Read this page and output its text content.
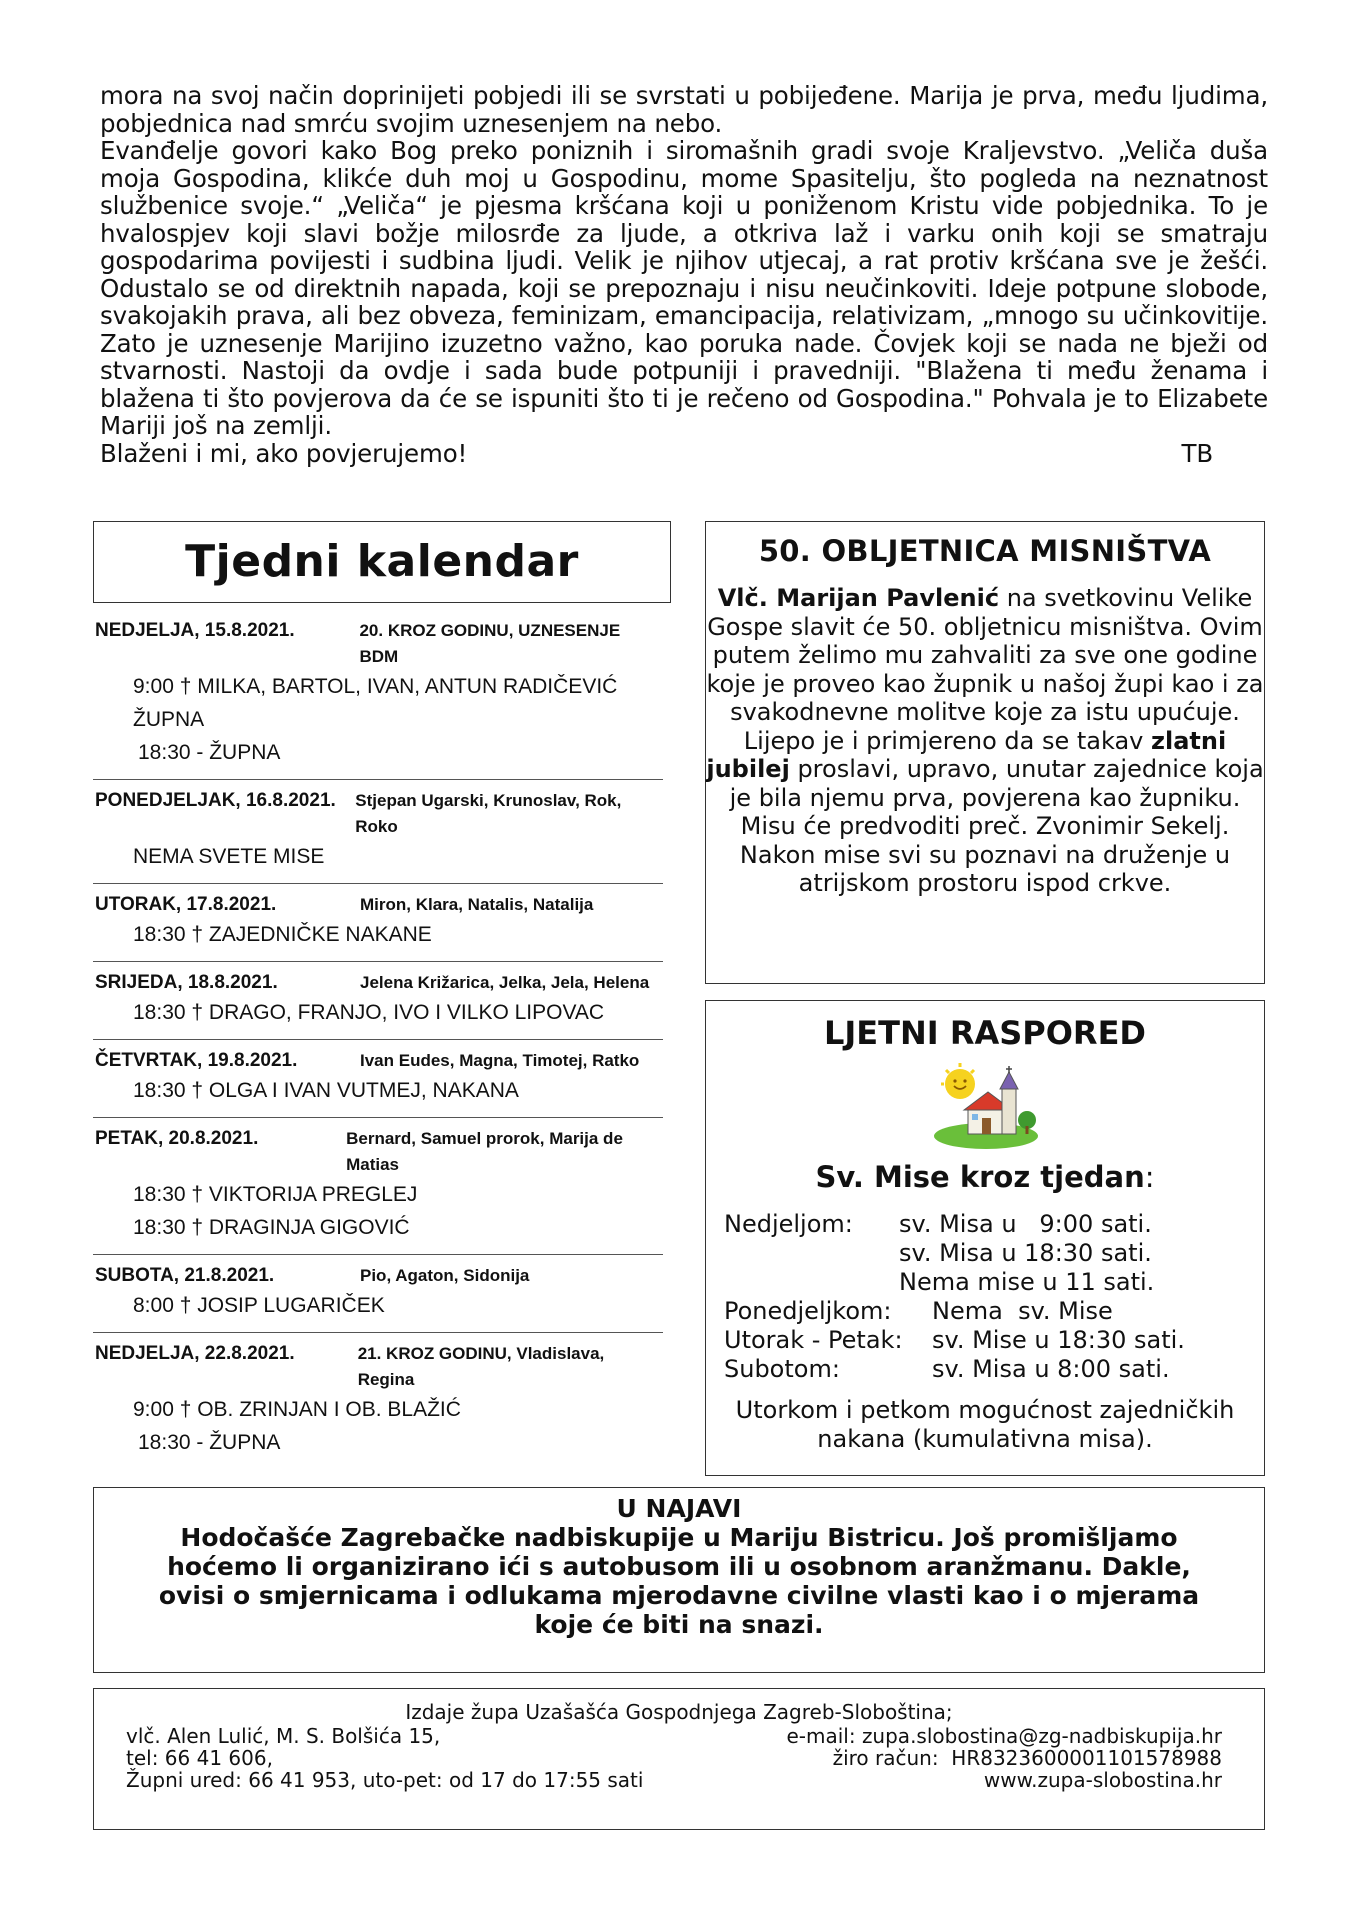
mora na svoj način doprinijeti pobjedi ili se svrstati u pobijeđene. Marija je prva, među ljudima, pobjednica nad smrću svojim uznesenjem na nebo.

Evanđelje govori kako Bog preko poniznih i siromašnih gradi svoje Kraljevstvo. „Veliča duša moja Gospodina, klikće duh moj u Gospodinu, mome Spasitelju, što pogleda na neznatnost službenice svoje.“ „Veliča“ je pjesma kršćana koji u poniženom Kristu vide pobjednika. To je hvalospjev koji slavi božje milosrđe za ljude, a otkriva laž i varku onih koji se smatraju gospodarima povijesti i sudbina ljudi. Velik je njihov utjecaj, a rat protiv kršćana sve je žešći. Odustalo se od direktnih napada, koji se prepoznaju i nisu neučinkoviti. Ideje potpune slobode, svakojakih prava, ali bez obveza, feminizam, emancipacija, relativizam, „mnogo su učinkovitije. Zato je uznesenje Marijino izuzetno važno, kao poruka nade. Čovjek koji se nada ne bježi od stvarnosti. Nastoji da ovdje i sada bude potpuniji i pravedniji. "Blažena ti među ženama i blažena ti što povjerova da će se ispuniti što ti je rečeno od Gospodina." Pohvala je to Elizabete Mariji još na zemlji.

Blaženi i mi, ako povjerujemo!	TB
Tjedni kalendar
NEDJELJA, 15.8.2021.	20. KROZ GODINU, UZNESENJE BDM
9:00 † MILKA, BARTOL, IVAN, ANTUN RADIČEVIĆ ŽUPNA
18:30 - ŽUPNA
PONEDJELJAK, 16.8.2021.	Stjepan Ugarski, Krunoslav, Rok, Roko
NEMA SVETE MISE
UTORAK, 17.8.2021.	Miron, Klara, Natalis, Natalija
18:30 † ZAJEDNIČKE NAKANE
SRIJEDA, 18.8.2021.	Jelena Križarica, Jelka, Jela, Helena
18:30 † DRAGO, FRANJO, IVO I VILKO LIPOVAC
ČETVRTAK, 19.8.2021.	Ivan Eudes, Magna, Timotej, Ratko
18:30 † OLGA I IVAN VUTMEJ, NAKANA
PETAK, 20.8.2021.	Bernard, Samuel prorok, Marija de Matias
18:30 † VIKTORIJA PREGLEJ
18:30 † DRAGINJA GIGOVIĆ
SUBOTA, 21.8.2021.	Pio, Agaton, Sidonija
8:00 † JOSIP LUGARIČEK
NEDJELJA, 22.8.2021.	21. KROZ GODINU, Vladislava, Regina
9:00 † OB. ZRINJAN I OB. BLAŽIĆ
18:30 - ŽUPNA
50. OBLJETNICA MISNIŠTVA
Vlč. Marijan Pavlenić na svetkovinu Velike Gospe slavit će 50. obljetnicu misništva. Ovim putem želimo mu zahvaliti za sve one godine koje je proveo kao župnik u našoj župi kao i za svakodnevne molitve koje za istu upućuje. Lijepo je i primjereno da se takav zlatni jubilej proslavi, upravo, unutar zajednice koja je bila njemu prva, povjerena kao župniku. Misu će predvoditi preč. Zvonimir Sekelj. Nakon mise svi su poznavi na druženje u atrijskom prostoru ispod crkve.
LJETNI RASPORED
Sv. Mise kroz tjedan:
Nedjeljom:	sv. Misa u   9:00 sati.
sv. Misa u 18:30 sati.
Nema mise u 11 sati.
Ponedjeljkom:	Nema  sv. Mise
Utorak - Petak:	sv. Mise u 18:30 sati.
Subotom:	sv. Misa u 8:00 sati.
Utorkom i petkom mogućnost zajedničkih nakana (kumulativna misa).
U NAJAVI
Hodočašće Zagrebačke nadbiskupije u Mariju Bistricu. Još promišljamo hoćemo li organizirano ići s autobusom ili u osobnom aranžmanu. Dakle, ovisi o smjernicama i odlukama mjerodavne civilne vlasti kao i o mjerama koje će biti na snazi.
Izdaje župa Uzašašća Gospodnjega Zagreb-Sloboština;
vlč. Alen Lulić, M. S. Bolšića 15,
tel: 66 41 606,
Župni ured: 66 41 953, uto-pet: od 17 do 17:55 sati
e-mail: zupa.slobostina@zg-nadbiskupija.hr
žiro račun:  HR8323600001101578988
www.zupa-slobostina.hr
